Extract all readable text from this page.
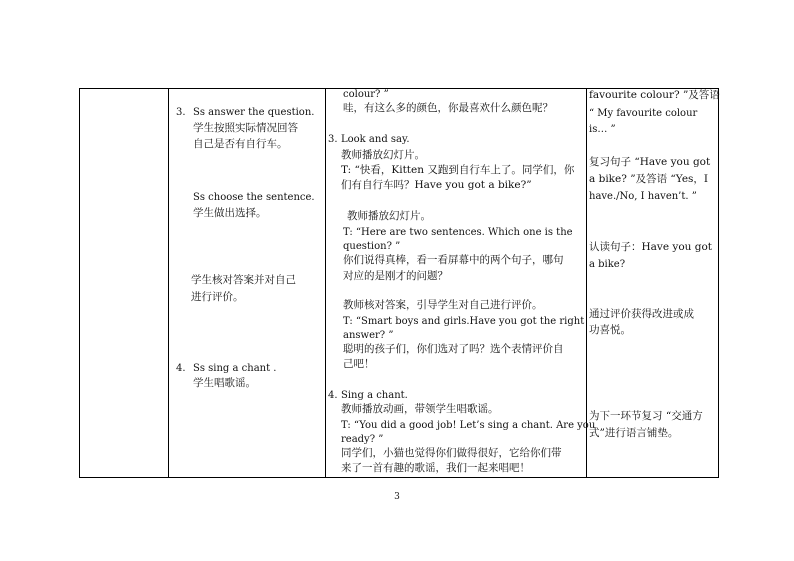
3. Ss answer the question.
学生按照实际情况回答
自己是否有自行车。
Ss choose the sentence.
学生做出选择。
学生核对答案并对自己
进行评价。
4. Ss sing a chant .
学生唱歌谣。
colour? ”
哇，有这么多的颜色，你最喜欢什么颜色呢？
3. Look and say.
教师播放幻灯片。
T: “快看，Kitten 又跑到自行车上了。同学们，你
们有自行车吗？Have you got a bike?”
教师播放幻灯片。
T: “Here are two sentences. Which one is the
question? ”
你们说得真棒，看一看屏幕中的两个句子，哪句
对应的是刚才的问题？
教师核对答案，引导学生对自己进行评价。
T: “Smart boys and girls.Have you got the right
answer? ”
聪明的孩子们，你们选对了吗？选个表情评价自
己吧！
4. Sing a chant.
教师播放动画，带领学生唱歌谣。
T: “You did a good job! Let’s sing a chant. Are you
ready? ”
同学们，小猫也觉得你们做得很好，它给你们带
来了一首有趣的歌谣，我们一起来唱吧！
favourite colour? ”及答语
“ My favourite colour
is… ”
复习句子 “Have you got
a bike? ”及答语 “Yes，I
have./No, I haven’t. ”
认读句子：Have you got
a bike?
通过评价获得改进或成
功喜悦。
为下一环节复习 “交通方
式”进行语言铺垫。
3
